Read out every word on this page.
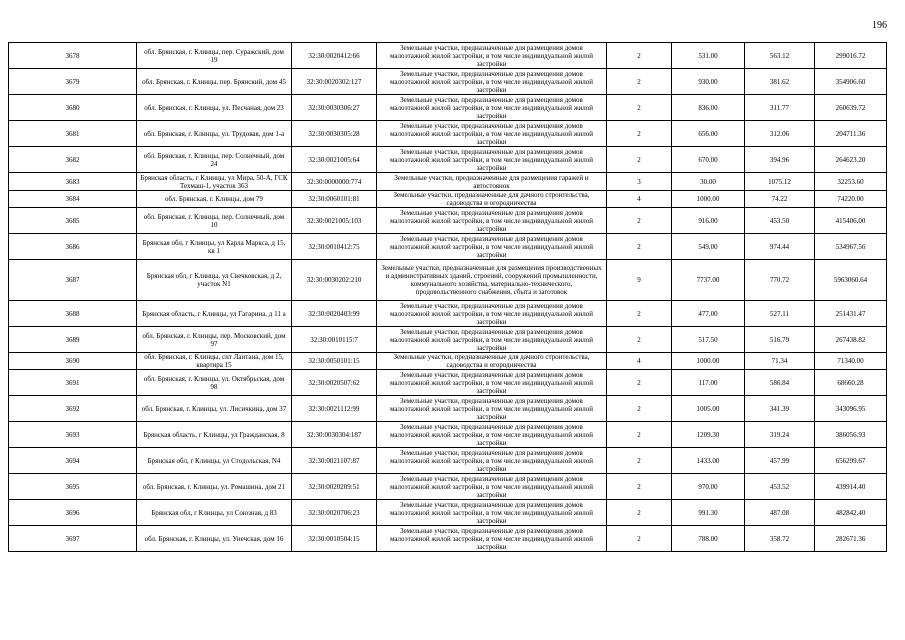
196
3678	обл. Брянская, г. Клинцы, пер. Суражский, дом 19	32:30:0020412:66	Земельные участки, предназначенные для размещения домов малоэтажной жилой застройки, в том числе индивидуальной жилой застройки	2	531.00	563.12	299016.72
3679	обл. Брянская, г. Клинцы, пер. Брянский, дом 45	32:30:0020302:127	Земельные участки, предназначенные для размещения домов малоэтажной жилой застройки, в том числе индивидуальной жилой застройки	2	930.00	381.62	354906.60
3680	обл. Брянская, г. Клинцы, ул. Песчаная, дом 23	32:30:0030306:27	Земельные участки, предназначенные для размещения домов малоэтажной жилой застройки, в том числе индивидуальной жилой застройки	2	836.00	311.77	260639.72
3681	обл. Брянская, г. Клинцы, ул. Трудовая, дом 1-а	32:30:0030305:28	Земельные участки, предназначенные для размещения домов малоэтажной жилой застройки, в том числе индивидуальной жилой застройки	2	656.00	312.06	204711.36
3682	обл. Брянская, г. Клинцы, пер. Солнечный, дом 24	32:30:0021005:64	Земельные участки, предназначенные для размещения домов малоэтажной жилой застройки, в том числе индивидуальной жилой застройки	2	670.00	394.96	264623.20
3683	Брянская область, г Клинцы, ул Мира, 50-А, ГСК Техмаш-1, участок 363	32:30:0000000:774	Земельные участки, предназначенные для размещения гаражей и автостоянок	3	30.00	1075.12	32253.60
3684	обл. Брянская, г. Клинцы, дом 79	32:30:0060101:81	Земельные участки, предназначенные для дачного строительства, садоводства и огородничества	4	1000.00	74.22	74220.00
3685	обл. Брянская, г. Клинцы, пер. Солнечный, дом 10	32:30:0021005:103	Земельные участки, предназначенные для размещения домов малоэтажной жилой застройки, в том числе индивидуальной жилой застройки	2	916.00	453.50	415406.00
3686	Брянская обл, г Клинцы, ул Карла Маркса, д 15, кв 1	32:30:0010412:75	Земельные участки, предназначенные для размещения домов малоэтажной жилой застройки, в том числе индивидуальной жилой застройки	2	549.00	974.44	534967.56
3687	Брянская обл, г Клинцы, ул Свечковская, д 2, участок N1	32:30:0030202:210	Земельные участки, предназначенные для размещения производственных и административных зданий, строений, сооружений промышленности, коммунального хозяйства, материально-технического, продовольственного снабжения, сбыта и заготовок	9	7737.00	770.72	5963060.64
3688	Брянская область, г Клинцы, ул Гагарина, д 11 а	32:30:0020403:99	Земельные участки, предназначенные для размещения домов малоэтажной жилой застройки, в том числе индивидуальной жилой застройки	2	477.00	527.11	251431.47
3689	обл. Брянская, г. Клинцы, пер. Московский, дом 97	32:30:0010115:7	Земельные участки, предназначенные для размещения домов малоэтажной жилой застройки, в том числе индивидуальной жилой застройки	2	517.50	516.79	267438.82
3690	обл. Брянская, г. Клинцы, снт Лантана, дом 15, квартира 15	32:30:0050101:15	Земельные участки, предназначенные для дачного строительства, садоводства и огородничества	4	1000.00	71.34	71340.00
3691	обл. Брянская, г. Клинцы, ул. Октябрьская, дом 98	32:30:0020507:62	Земельные участки, предназначенные для размещения домов малоэтажной жилой застройки, в том числе индивидуальной жилой застройки	2	117.00	586.84	68660.28
3692	обл. Брянская, г. Клинцы, ул. Лисичкина, дом 37	32:30:0021112:99	Земельные участки, предназначенные для размещения домов малоэтажной жилой застройки, в том числе индивидуальной жилой застройки	2	1005.00	341.39	343096.95
3693	Брянская область, г Клинцы, ул Гражданская, 8	32:30:0030304:187	Земельные участки, предназначенные для размещения домов малоэтажной жилой застройки, в том числе индивидуальной жилой застройки	2	1209.30	319.24	386056.93
3694	Брянская обл, г Клинцы, ул Стодольская, N4	32:30:0021107:87	Земельные участки, предназначенные для размещения домов малоэтажной жилой застройки, в том числе индивидуальной жилой застройки	2	1433.00	457.99	656299.67
3695	обл. Брянская, г. Клинцы, ул. Ромашина, дом 21	32:30:0020209:51	Земельные участки, предназначенные для размещения домов малоэтажной жилой застройки, в том числе индивидуальной жилой застройки	2	970.00	453.52	439914.40
3696	Брянская обл, г Клинцы, ул Союзная, д 83	32:30:0020706:23	Земельные участки, предназначенные для размещения домов малоэтажной жилой застройки, в том числе индивидуальной жилой застройки	2	991.30	487.08	482842.40
3697	обл. Брянская, г. Клинцы, ул. Унечская, дом 16	32:30:0010504:15	Земельные участки, предназначенные для размещения домов малоэтажной жилой застройки, в том числе индивидуальной жилой застройки	2	788.00	358.72	282671.36
